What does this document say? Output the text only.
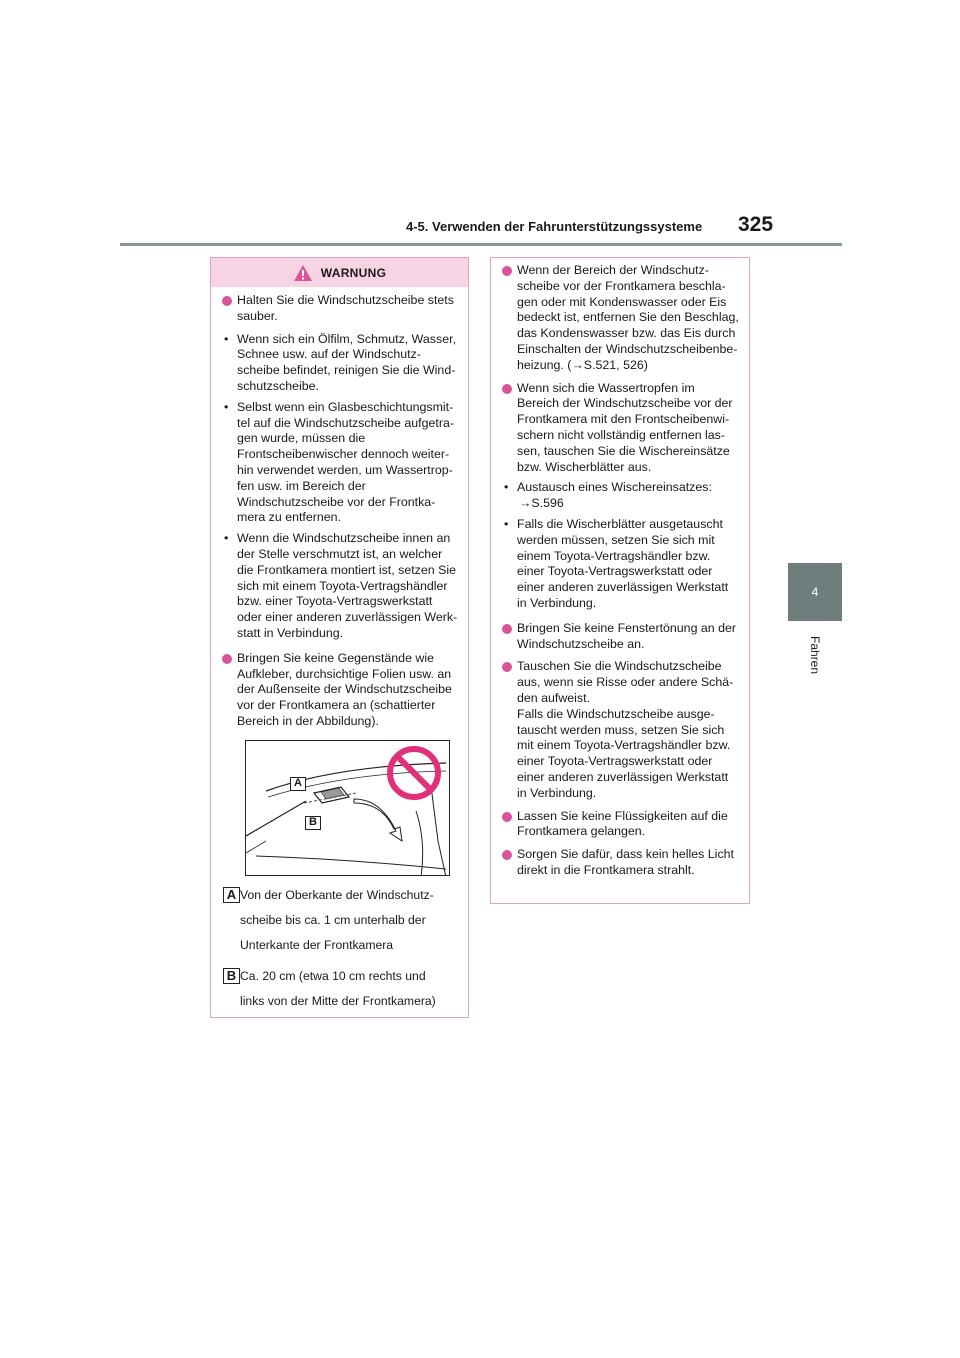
4-5. Verwenden der Fahrunterstützungssysteme 325
4
Fahren
WARNUNG
Halten Sie die Windschutzscheibe stets sauber.
• Wenn sich ein Ölfilm, Schmutz, Wasser,
Schnee usw. auf der Windschutz-
scheibe befindet, reinigen Sie die Wind-
schutzscheibe.
• Selbst wenn ein Glasbeschichtungsmit-
tel auf die Windschutzscheibe aufgetra-
gen wurde, müssen die
Frontscheibenwischer dennoch weiter-
hin verwendet werden, um Wassertrop-
fen usw. im Bereich der
Windschutzscheibe vor der Frontka-
mera zu entfernen.
• Wenn die Windschutzscheibe innen an
der Stelle verschmutzt ist, an welcher
die Frontkamera montiert ist, setzen Sie
sich mit einem Toyota-Vertragshändler
bzw. einer Toyota-Vertragswerkstatt
oder einer anderen zuverlässigen Werk-
statt in Verbindung.
Bringen Sie keine Gegenstände wie
Aufkleber, durchsichtige Folien usw. an
der Außenseite der Windschutzscheibe
vor der Frontkamera an (schattierter
Bereich in der Abbildung).
A
B
A Von der Oberkante der Windschutz-
scheibe bis ca. 1 cm unterhalb der
Unterkante der Frontkamera
B Ca. 20 cm (etwa 10 cm rechts und
links von der Mitte der Frontkamera)
Wenn der Bereich der Windschutz-
scheibe vor der Frontkamera beschla-
gen oder mit Kondenswasser oder Eis
bedeckt ist, entfernen Sie den Beschlag,
das Kondenswasser bzw. das Eis durch
Einschalten der Windschutzscheibenbe-
heizung. (→S.521, 526)
Wenn sich die Wassertropfen im
Bereich der Windschutzscheibe vor der
Frontkamera mit den Frontscheibenwi-
schern nicht vollständig entfernen las-
sen, tauschen Sie die Wischereinsätze
bzw. Wischerblätter aus.
• Austausch eines Wischereinsatzes:
→S.596
• Falls die Wischerblätter ausgetauscht
werden müssen, setzen Sie sich mit
einem Toyota-Vertragshändler bzw.
einer Toyota-Vertragswerkstatt oder
einer anderen zuverlässigen Werkstatt
in Verbindung.
Bringen Sie keine Fenstertönung an der
Windschutzscheibe an.
Tauschen Sie die Windschutzscheibe
aus, wenn sie Risse oder andere Schä-
den aufweist.
Falls die Windschutzscheibe ausge-
tauscht werden muss, setzen Sie sich
mit einem Toyota-Vertragshändler bzw.
einer Toyota-Vertragswerkstatt oder
einer anderen zuverlässigen Werkstatt
in Verbindung.
Lassen Sie keine Flüssigkeiten auf die
Frontkamera gelangen.
Sorgen Sie dafür, dass kein helles Licht
direkt in die Frontkamera strahlt.
